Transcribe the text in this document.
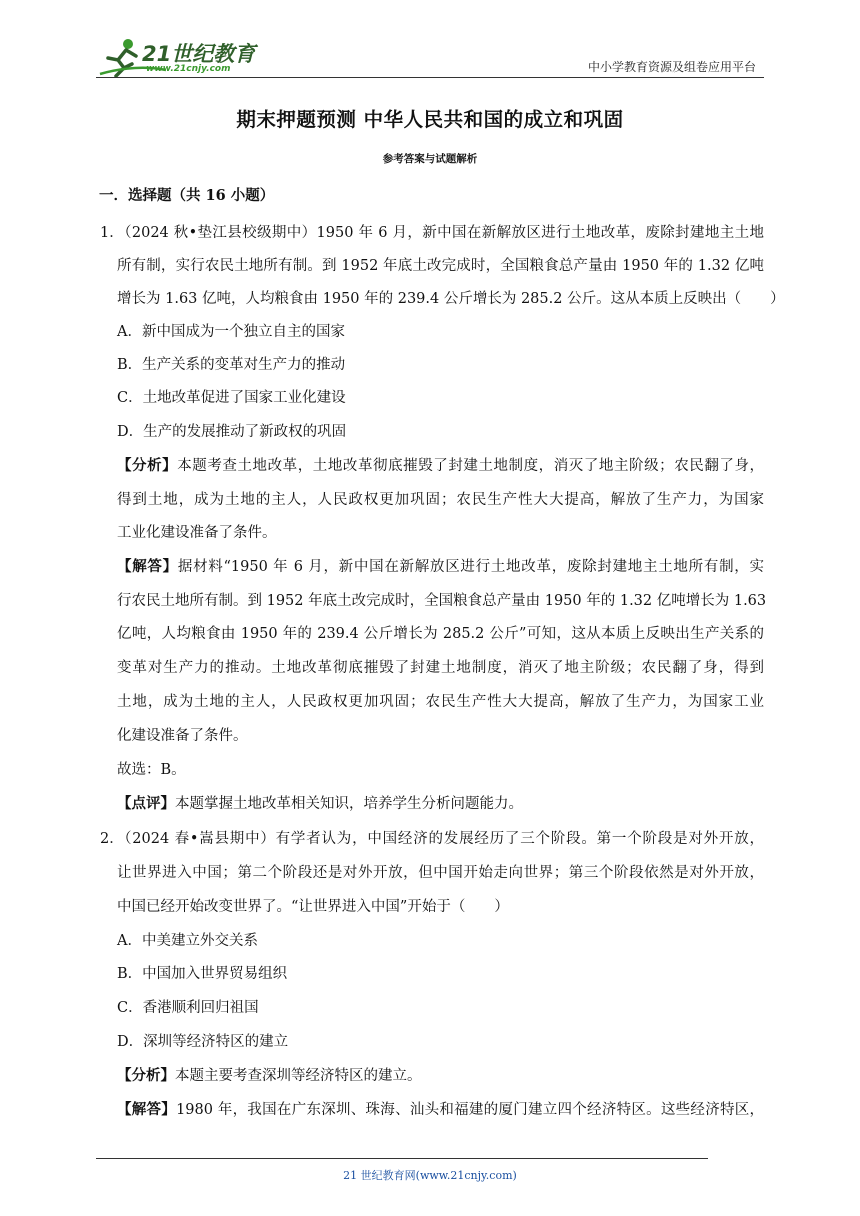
21世纪教育
www.21cnjy.com	中小学教育资源及组卷应用平台
期末押题预测 中华人民共和国的成立和巩固
参考答案与试题解析
一．选择题（共 16 小题）
1．
（2024 秋•垫江县校级期中）1950 年 6 月，新中国在新解放区进行土地改革，废除封建地主土地
所有制，实行农民土地所有制。到 1952 年底土改完成时，全国粮食总产量由 1950 年的 1.32 亿吨
增长为 1.63 亿吨，人均粮食由 1950 年的 239.4 公斤增长为 285.2 公斤。这从本质上反映出（　　）
A．新中国成为一个独立自主的国家
B．生产关系的变革对生产力的推动
C．土地改革促进了国家工业化建设
D．生产的发展推动了新政权的巩固
【分析】本题考查土地改革，土地改革彻底摧毁了封建土地制度，消灭了地主阶级；农民翻了身，
得到土地，成为土地的主人，人民政权更加巩固；农民生产性大大提高，解放了生产力，为国家
工业化建设准备了条件。
【解答】据材料“1950 年 6 月，新中国在新解放区进行土地改革，废除封建地主土地所有制，实
行农民土地所有制。到 1952 年底土改完成时，全国粮食总产量由 1950 年的 1.32 亿吨增长为 1.63
亿吨，人均粮食由 1950 年的 239.4 公斤增长为 285.2 公斤”可知，这从本质上反映出生产关系的
变革对生产力的推动。土地改革彻底摧毁了封建土地制度，消灭了地主阶级；农民翻了身，得到
土地，成为土地的主人，人民政权更加巩固；农民生产性大大提高，解放了生产力，为国家工业
化建设准备了条件。
故选：B。
【点评】本题掌握土地改革相关知识，培养学生分析问题能力。
2．
（2024 春•嵩县期中）有学者认为，中国经济的发展经历了三个阶段。第一个阶段是对外开放，
让世界进入中国；第二个阶段还是对外开放，但中国开始走向世界；第三个阶段依然是对外开放，
中国已经开始改变世界了。“让世界进入中国”开始于（　　）
A．中美建立外交关系
B．中国加入世界贸易组织
C．香港顺利回归祖国
D．深圳等经济特区的建立
【分析】本题主要考查深圳等经济特区的建立。
【解答】1980 年，我国在广东深圳、珠海、汕头和福建的厦门建立四个经济特区。这些经济特区，
21 世纪教育网(www.21cnjy.com)
